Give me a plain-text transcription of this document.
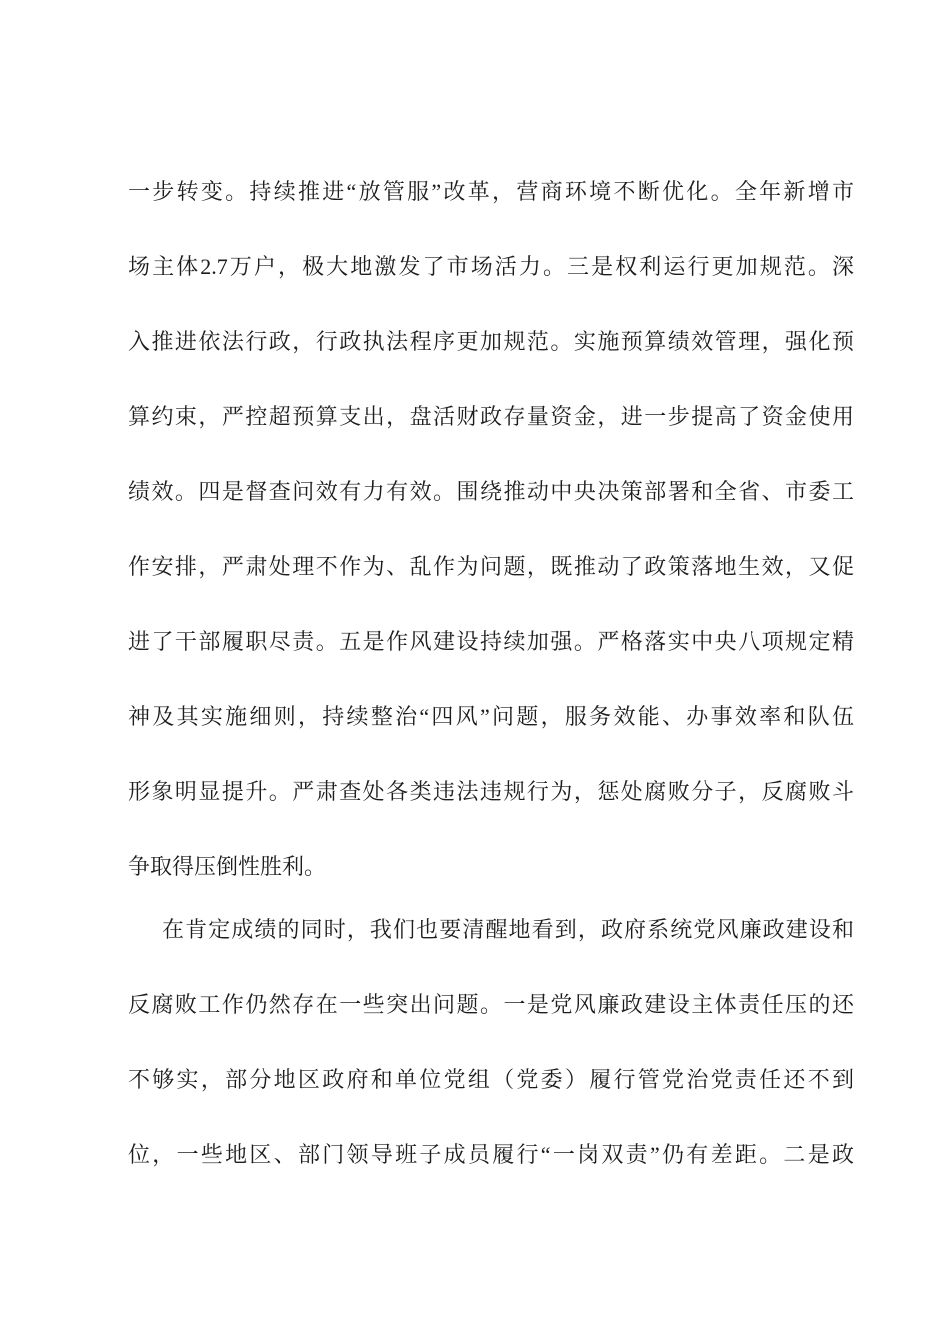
一步转变。持续推进“放管服”改革，营商环境不断优化。全年新增市
场主体2.7万户，极大地激发了市场活力。三是权利运行更加规范。深
入推进依法行政，行政执法程序更加规范。实施预算绩效管理，强化预
算约束，严控超预算支出，盘活财政存量资金，进一步提高了资金使用
绩效。四是督查问效有力有效。围绕推动中央决策部署和全省、市委工
作安排，严肃处理不作为、乱作为问题，既推动了政策落地生效，又促
进了干部履职尽责。五是作风建设持续加强。严格落实中央八项规定精
神及其实施细则，持续整治“四风”问题，服务效能、办事效率和队伍
形象明显提升。严肃查处各类违法违规行为，惩处腐败分子，反腐败斗
争取得压倒性胜利。
在肯定成绩的同时，我们也要清醒地看到，政府系统党风廉政建设和
反腐败工作仍然存在一些突出问题。一是党风廉政建设主体责任压的还
不够实，部分地区政府和单位党组（党委）履行管党治党责任还不到
位，一些地区、部门领导班子成员履行“一岗双责”仍有差距。二是政
